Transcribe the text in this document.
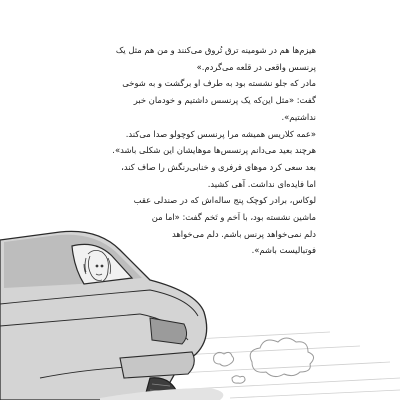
هیزم‌ها هم در شومینه ترق تُروق می‌کنند و من هم مثل یک
پرنسس واقعی در قلعه می‌گردم.»

مادر که جلو نشسته بود به طرف او برگشت و به شوخی
گفت: «مثل این‌که یک پرنسس داشتیم و خودمان خبر
نداشتیم».
«عمه کلاریس همیشه مرا پرنسس کوچولو صدا می‌کند.
هرچند بعید می‌دانم پرنسس‌ها موهایشان این شکلی باشد».
بعد سعی کرد موهای فرفری و خنابی‌رنگش را صاف کند،
اما فایده‌ای نداشت. آهی کشید.

لوکاس، برادر کوچک پنج ساله‌اش که در صندلی عقب
ماشین نشسته بود، با اَخم و تَخم گفت: «اما من
دلم نمی‌خواهد پرنس باشم. دلم می‌خواهد
فوتبالیست باشم».
